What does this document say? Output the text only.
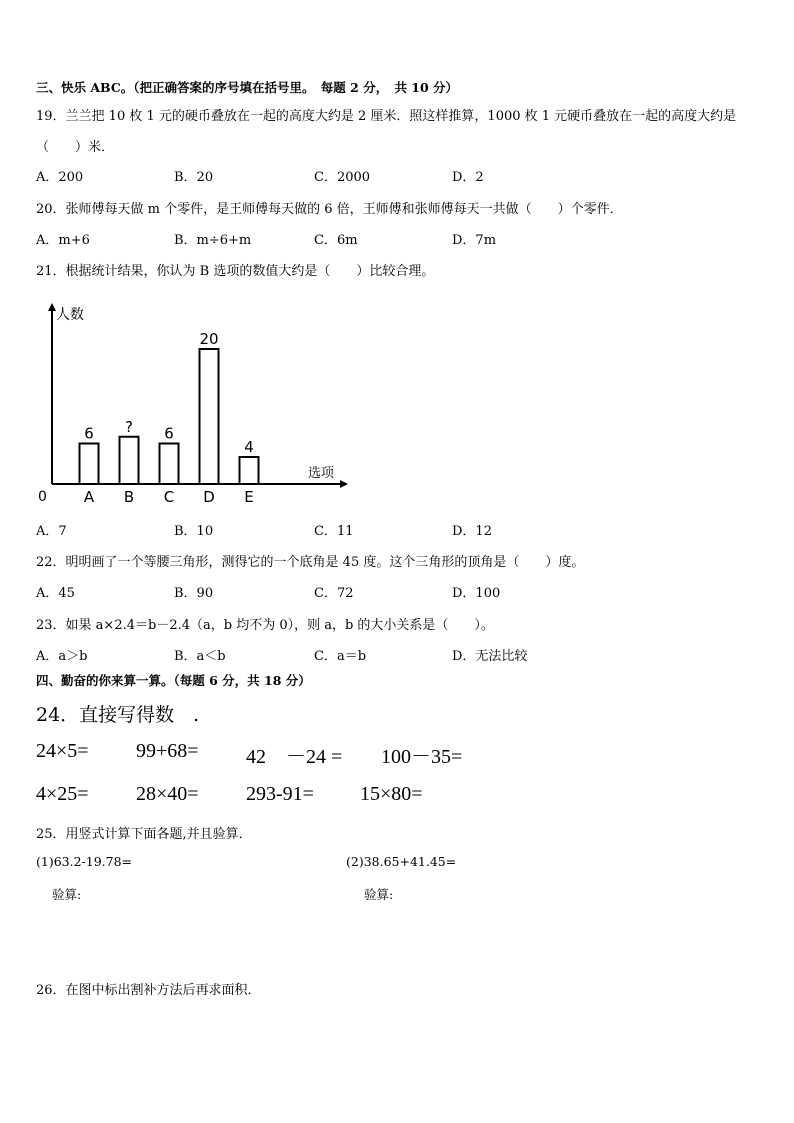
三、快乐 ABC。（把正确答案的序号填在括号里。　每题 2 分，　共 10 分）
19．兰兰把 10 枚 1 元的硬币叠放在一起的高度大约是 2 厘米．照这样推算，1000 枚 1 元硬币叠放在一起的高度大约是
（　　）米．
A．200	B．20	C．2000	D．2
20．张师傅每天做 m 个零件，是王师傅每天做的 6 倍，王师傅和张师傅每天一共做（　　）个零件．
A．m+6	B．m÷6+m	C．6m	D．7m
21．根据统计结果，你认为 B 选项的数值大约是（　　）比较合理。
人数
选项
0
6
A
?
B
6
C
20
D
4
E
A．7	B．10	C．11	D．12
22．明明画了一个等腰三角形，测得它的一个底角是 45 度。这个三角形的顶角是（　　）度。
A．45	B．90	C．72	D．100
23．如果 a×2.4＝b－2.4（a，b 均不为 0），则 a，b 的大小关系是（　　）。
A．a＞b	B．a＜b	C．a＝b	D．无法比较
四、勤奋的你来算一算。（每题 6 分，共 18 分）
24．直接写得数　.
24×5= 99+68= 42　－24 = 100－35=
4×25= 28×40= 293-91= 15×80=
25．用竖式计算下面各题,并且验算．
(1)63.2-19.78=	(2)38.65+41.45=
验算:	验算:
26．在图中标出割补方法后再求面积．
